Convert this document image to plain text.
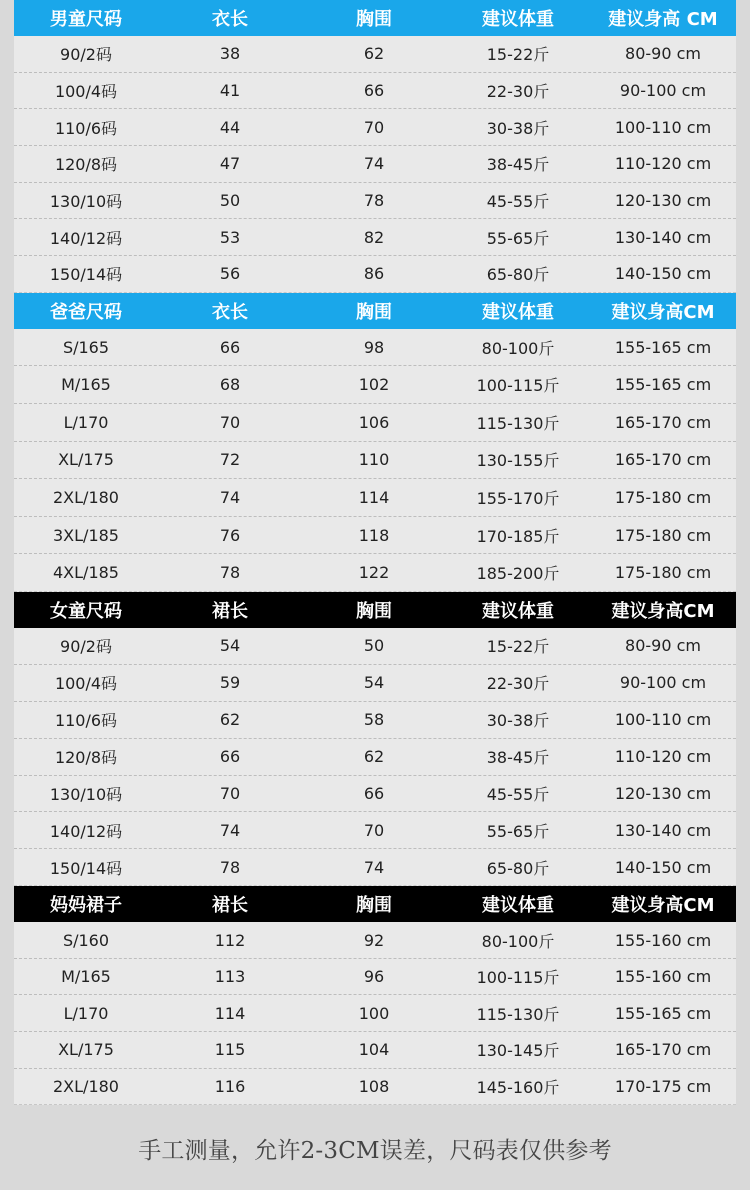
男童尺码	衣长	胸围	建议体重	建议身高 CM
90/2码	38	62	15-22斤	80-90 cm
100/4码	41	66	22-30斤	90-100 cm
110/6码	44	70	30-38斤	100-110 cm
120/8码	47	74	38-45斤	110-120 cm
130/10码	50	78	45-55斤	120-130 cm
140/12码	53	82	55-65斤	130-140 cm
150/14码	56	86	65-80斤	140-150 cm
爸爸尺码	衣长	胸围	建议体重	建议身高CM
S/165	66	98	80-100斤	155-165 cm
M/165	68	102	100-115斤	155-165 cm
L/170	70	106	115-130斤	165-170 cm
XL/175	72	110	130-155斤	165-170 cm
2XL/180	74	114	155-170斤	175-180 cm
3XL/185	76	118	170-185斤	175-180 cm
4XL/185	78	122	185-200斤	175-180 cm
女童尺码	裙长	胸围	建议体重	建议身高CM
90/2码	54	50	15-22斤	80-90 cm
100/4码	59	54	22-30斤	90-100 cm
110/6码	62	58	30-38斤	100-110 cm
120/8码	66	62	38-45斤	110-120 cm
130/10码	70	66	45-55斤	120-130 cm
140/12码	74	70	55-65斤	130-140 cm
150/14码	78	74	65-80斤	140-150 cm
妈妈裙子	裙长	胸围	建议体重	建议身高CM
S/160	112	92	80-100斤	155-160 cm
M/165	113	96	100-115斤	155-160 cm
L/170	114	100	115-130斤	155-165 cm
XL/175	115	104	130-145斤	165-170 cm
2XL/180	116	108	145-160斤	170-175 cm
手工测量，允许2-3CM误差，尺码表仅供参考
